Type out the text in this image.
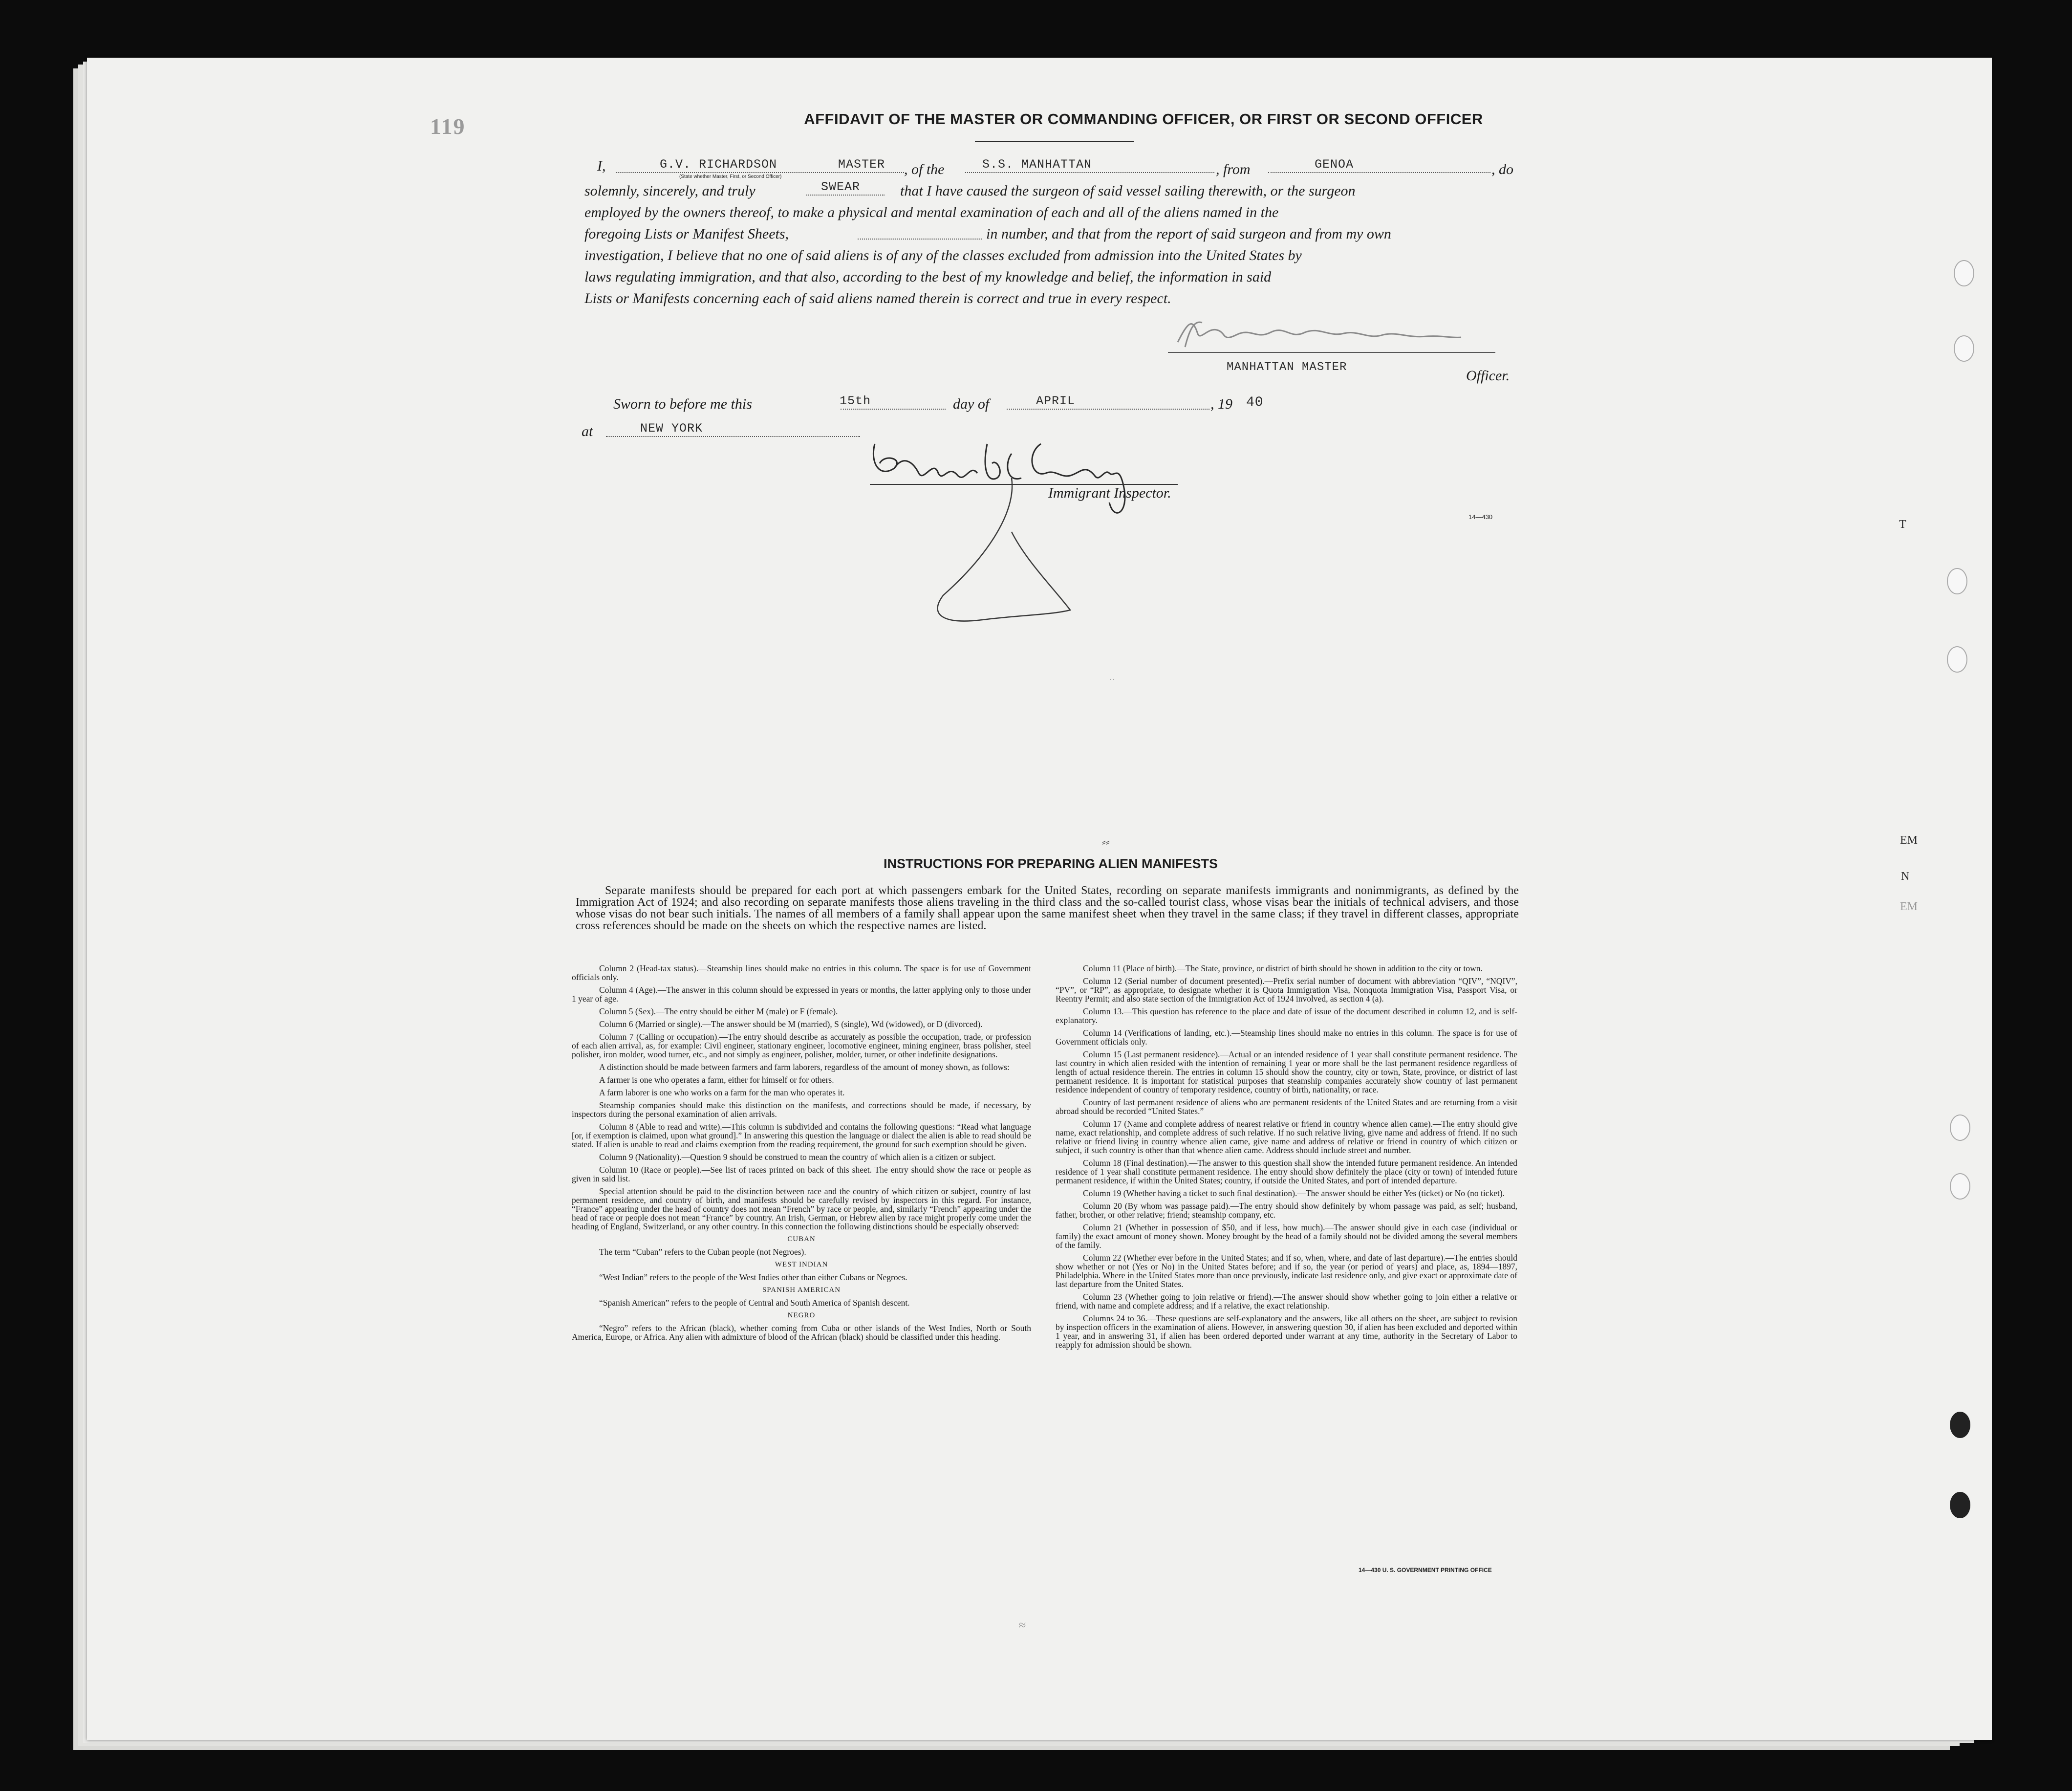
119	AFFIDAVIT OF THE MASTER OR COMMANDING OFFICER, OR FIRST OR SECOND OFFICER
I,	G.V. RICHARDSON	MASTER
(State whether Master, First, or Second Officer)	, of the	S.S. MANHATTAN	, from	GENOA	, do
solemnly, sincerely, and truly	SWEAR	that I have caused the surgeon of said vessel sailing therewith, or the surgeon
employed by the owners thereof, to make a physical and mental examination of each and all of the aliens named in the
foregoing Lists or Manifest Sheets,	in number, and that from the report of said surgeon and from my own
investigation, I believe that no one of said aliens is of any of the classes excluded from admission into the United States by
laws regulating immigration, and that also, according to the best of my knowledge and belief, the information in said
Lists or Manifests concerning each of said aliens named therein is correct and true in every respect.
MANHATTAN MASTER
Officer.
Sworn to before me this	15th	day of	APRIL	, 19 40
at	NEW YORK
Immigrant Inspector.
14—430
T
EM
N
EM
INSTRUCTIONS FOR PREPARING ALIEN MANIFESTS
Separate manifests should be prepared for each port at which passengers embark for the United States, recording on separate manifests immigrants and nonimmigrants, as defined by the Immigration Act of 1924; and also recording on separate manifests those aliens traveling in the third class and the so-called tourist class, whose visas bear the initials of technical advisers, and those whose visas do not bear such initials. The names of all members of a family shall appear upon the same manifest sheet when they travel in the same class; if they travel in different classes, appropriate cross references should be made on the sheets on which the respective names are listed.

Column 2 (Head-tax status).—Steamship lines should make no entries in this column. The space is for use of Government officials only.

Column 4 (Age).—The answer in this column should be expressed in years or months, the latter applying only to those under 1 year of age.

Column 5 (Sex).—The entry should be either M (male) or F (female).

Column 6 (Married or single).—The answer should be M (married), S (single), Wd (widowed), or D (divorced).

Column 7 (Calling or occupation).—The entry should describe as accurately as possible the occupation, trade, or profession of each alien arrival, as, for example: Civil engineer, stationary engineer, locomotive engineer, mining engineer, brass polisher, steel polisher, iron molder, wood turner, etc., and not simply as engineer, polisher, molder, turner, or other indefinite designations.

A distinction should be made between farmers and farm laborers, regardless of the amount of money shown, as follows:

A farmer is one who operates a farm, either for himself or for others.

A farm laborer is one who works on a farm for the man who operates it.

Steamship companies should make this distinction on the manifests, and corrections should be made, if necessary, by inspectors during the personal examination of alien arrivals.

Column 8 (Able to read and write).—This column is subdivided and contains the following questions: “Read what language [or, if exemption is claimed, upon what ground].” In answering this question the language or dialect the alien is able to read should be stated. If alien is unable to read and claims exemption from the reading requirement, the ground for such exemption should be given.

Column 9 (Nationality).—Question 9 should be construed to mean the country of which alien is a citizen or subject.

Column 10 (Race or people).—See list of races printed on back of this sheet. The entry should show the race or people as given in said list.

Special attention should be paid to the distinction between race and the country of which citizen or subject, country of last permanent residence, and country of birth, and manifests should be carefully revised by inspectors in this regard. For instance, “France” appearing under the head of country does not mean “French” by race or people, and, similarly “French” appearing under the head of race or people does not mean “France” by country. An Irish, German, or Hebrew alien by race might properly come under the heading of England, Switzerland, or any other country. In this connection the following distinctions should be especially observed:

CUBAN

The term “Cuban” refers to the Cuban people (not Negroes).

WEST INDIAN

“West Indian” refers to the people of the West Indies other than either Cubans or Negroes.

SPANISH AMERICAN

“Spanish American” refers to the people of Central and South America of Spanish descent.

NEGRO

“Negro” refers to the African (black), whether coming from Cuba or other islands of the West Indies, North or South America, Europe, or Africa. Any alien with admixture of blood of the African (black) should be classified under this heading.

Column 11 (Place of birth).—The State, province, or district of birth should be shown in addition to the city or town.

Column 12 (Serial number of document presented).—Prefix serial number of document with abbreviation “QIV”, “NQIV”, “PV”, or “RP”, as appropriate, to designate whether it is Quota Immigration Visa, Nonquota Immigration Visa, Passport Visa, or Reentry Permit; and also state section of the Immigration Act of 1924 involved, as section 4 (a).

Column 13.—This question has reference to the place and date of issue of the document described in column 12, and is self-explanatory.

Column 14 (Verifications of landing, etc.).—Steamship lines should make no entries in this column. The space is for use of Government officials only.

Column 15 (Last permanent residence).—Actual or an intended residence of 1 year shall constitute permanent residence. The last country in which alien resided with the intention of remaining 1 year or more shall be the last permanent residence regardless of length of actual residence therein. The entries in column 15 should show the country, city or town, State, province, or district of last permanent residence. It is important for statistical purposes that steamship companies accurately show country of last permanent residence independent of country of temporary residence, country of birth, nationality, or race.

Country of last permanent residence of aliens who are permanent residents of the United States and are returning from a visit abroad should be recorded “United States.”

Column 17 (Name and complete address of nearest relative or friend in country whence alien came).—The entry should give name, exact relationship, and complete address of such relative. If no such relative living, give name and address of friend. If no such relative or friend living in country whence alien came, give name and address of relative or friend in country of which citizen or subject, if such country is other than that whence alien came. Address should include street and number.

Column 18 (Final destination).—The answer to this question shall show the intended future permanent residence. An intended residence of 1 year shall constitute permanent residence. The entry should show definitely the place (city or town) of intended future permanent residence, if within the United States; country, if outside the United States, and port of intended departure.

Column 19 (Whether having a ticket to such final destination).—The answer should be either Yes (ticket) or No (no ticket).

Column 20 (By whom was passage paid).—The entry should show definitely by whom passage was paid, as self; husband, father, brother, or other relative; friend; steamship company, etc.

Column 21 (Whether in possession of $50, and if less, how much).—The answer should give in each case (individual or family) the exact amount of money shown. Money brought by the head of a family should not be divided among the several members of the family.

Column 22 (Whether ever before in the United States; and if so, when, where, and date of last departure).—The entries should show whether or not (Yes or No) in the United States before; and if so, the year (or period of years) and place, as, 1894—1897, Philadelphia. Where in the United States more than once previously, indicate last residence only, and give exact or approximate date of last departure from the United States.

Column 23 (Whether going to join relative or friend).—The answer should show whether going to join either a relative or friend, with name and complete address; and if a relative, the exact relationship.

Columns 24 to 36.—These questions are self-explanatory and the answers, like all others on the sheet, are subject to revision by inspection officers in the examination of aliens. However, in answering question 30, if alien has been excluded and deported within 1 year, and in answering 31, if alien has been ordered deported under warrant at any time, authority in the Secretary of Labor to reapply for admission should be shown.

14—430 U. S. GOVERNMENT PRINTING OFFICE
⸗⸗
··
≈
